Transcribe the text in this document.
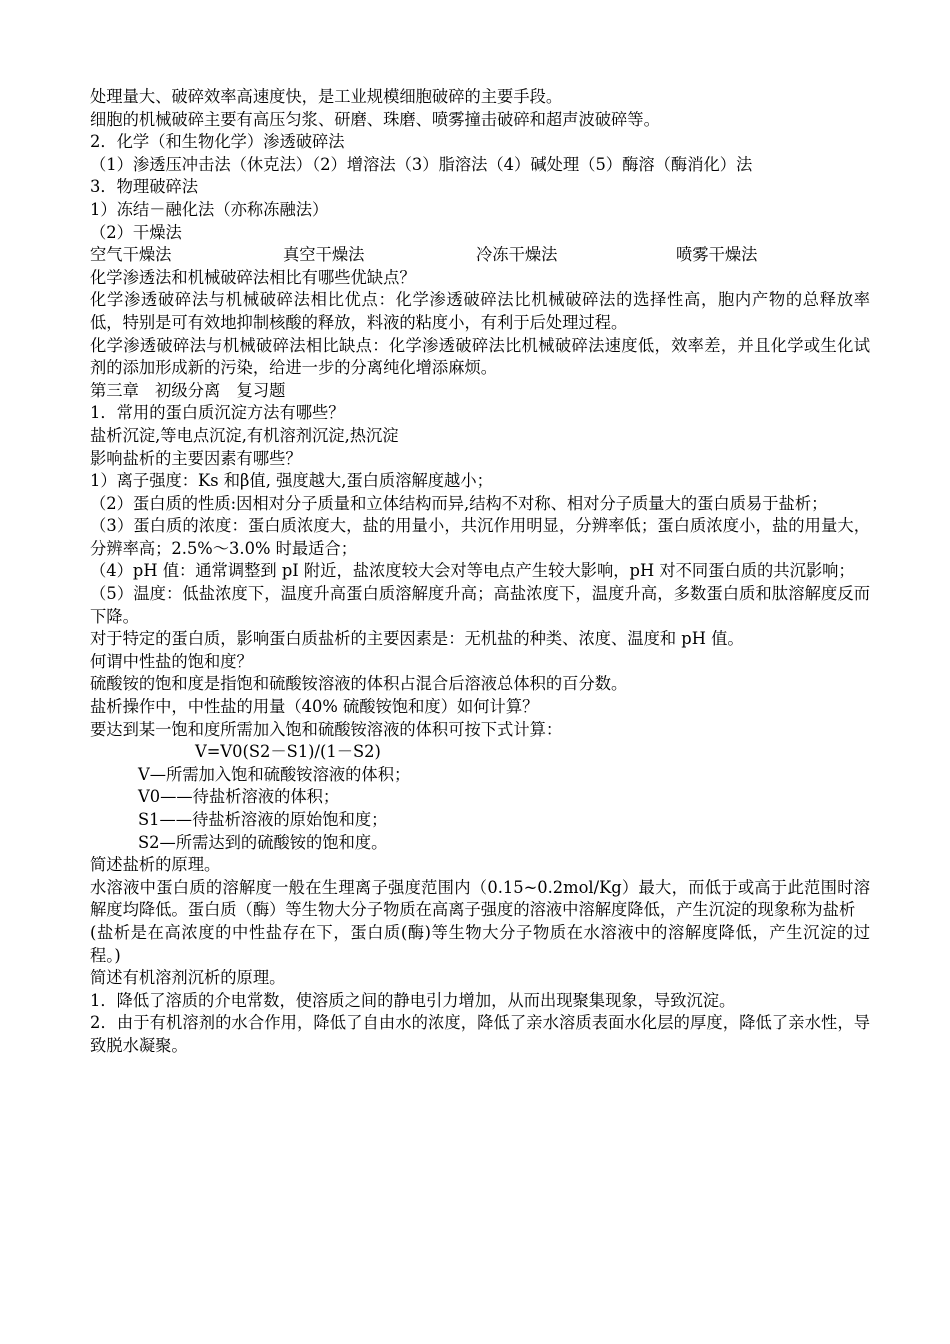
处理量大、破碎效率高速度快，是工业规模细胞破碎的主要手段。
细胞的机械破碎主要有高压匀浆、研磨、珠磨、喷雾撞击破碎和超声波破碎等。
2．化学（和生物化学）渗透破碎法
（1）渗透压冲击法（休克法）（2）增溶法（3）脂溶法（4）碱处理（5）酶溶（酶消化）法
3．物理破碎法
1）冻结－融化法（亦称冻融法）
（2）干燥法
空气干燥法	真空干燥法	冷冻干燥法	喷雾干燥法
化学渗透法和机械破碎法相比有哪些优缺点？
化学渗透破碎法与机械破碎法相比优点：化学渗透破碎法比机械破碎法的选择性高，胞内产物的总释放率低，特别是可有效地抑制核酸的释放，料液的粘度小，有利于后处理过程。
化学渗透破碎法与机械破碎法相比缺点：化学渗透破碎法比机械破碎法速度低，效率差，并且化学或生化试剂的添加形成新的污染，给进一步的分离纯化增添麻烦。
第三章　初级分离　复习题
1．常用的蛋白质沉淀方法有哪些？
盐析沉淀,等电点沉淀,有机溶剂沉淀,热沉淀
影响盐析的主要因素有哪些？
1）离子强度：Ks 和β值, 强度越大,蛋白质溶解度越小；
（2）蛋白质的性质:因相对分子质量和立体结构而异,结构不对称、相对分子质量大的蛋白质易于盐析；
（3）蛋白质的浓度：蛋白质浓度大，盐的用量小，共沉作用明显，分辨率低；蛋白质浓度小，盐的用量大，分辨率高；2.5%～3.0% 时最适合；
（4）pH 值：通常调整到 pI 附近，盐浓度较大会对等电点产生较大影响，pH 对不同蛋白质的共沉影响；
（5）温度：低盐浓度下，温度升高蛋白质溶解度升高；高盐浓度下，温度升高，多数蛋白质和肽溶解度反而下降。
对于特定的蛋白质，影响蛋白质盐析的主要因素是：无机盐的种类、浓度、温度和 pH 值。
何谓中性盐的饱和度？
硫酸铵的饱和度是指饱和硫酸铵溶液的体积占混合后溶液总体积的百分数。
盐析操作中，中性盐的用量（40% 硫酸铵饱和度）如何计算？
要达到某一饱和度所需加入饱和硫酸铵溶液的体积可按下式计算：
V=V0(S2－S1)/(1－S2)
V—所需加入饱和硫酸铵溶液的体积；
V0——待盐析溶液的体积；
S1——待盐析溶液的原始饱和度；
S2—所需达到的硫酸铵的饱和度。
简述盐析的原理。
水溶液中蛋白质的溶解度一般在生理离子强度范围内（0.15~0.2mol/Kg）最大，而低于或高于此范围时溶解度均降低。蛋白质（酶）等生物大分子物质在高离子强度的溶液中溶解度降低，产生沉淀的现象称为盐析
(盐析是在高浓度的中性盐存在下，蛋白质(酶)等生物大分子物质在水溶液中的溶解度降低，产生沉淀的过程。)
简述有机溶剂沉析的原理。
1．降低了溶质的介电常数，使溶质之间的静电引力增加，从而出现聚集现象，导致沉淀。
2．由于有机溶剂的水合作用，降低了自由水的浓度，降低了亲水溶质表面水化层的厚度，降低了亲水性，导致脱水凝聚。
